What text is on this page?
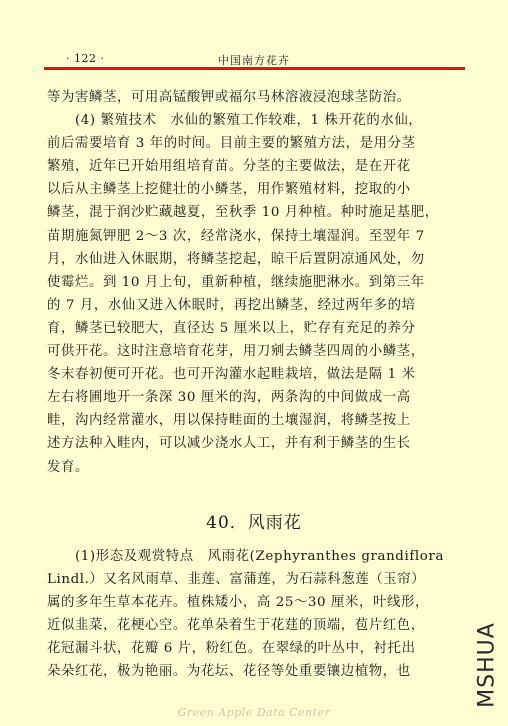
· 122 ·	中国南方花卉
等为害鳞茎，可用高锰酸钾或福尔马林溶液浸泡球茎防治。
　　(4) 繁殖技术　水仙的繁殖工作较难，1 株开花的水仙，
前后需要培育 3 年的时间。目前主要的繁殖方法，是用分茎
繁殖，近年已开始用组培育苗。分茎的主要做法，是在开花
以后从主鳞茎上挖健壮的小鳞茎，用作繁殖材料，挖取的小
鳞茎，混于润沙贮藏越夏，至秋季 10 月种植。种时施足基肥，
苗期施氮钾肥 2～3 次，经常浇水，保持土壤湿润。至翌年 7
月，水仙进入休眠期，将鳞茎挖起，晾干后置阴凉通风处，勿
使霉烂。到 10 月上旬，重新种植，继续施肥淋水。到第三年
的 7 月，水仙又进入休眠时，再挖出鳞茎，经过两年多的培
育，鳞茎已较肥大，直径达 5 厘米以上，贮存有充足的养分
可供开花。这时注意培育花芽，用刀剜去鳞茎四周的小鳞茎，
冬末春初便可开花。也可开沟灌水起畦栽培，做法是隔 1 米
左右将圃地开一条深 30 厘米的沟，两条沟的中间做成一高
畦，沟内经常灌水，用以保持畦面的土壤湿润，将鳞茎按上
述方法种入畦内，可以减少浇水人工，并有利于鳞茎的生长
发育。
40．风雨花
　　(1)形态及观赏特点　风雨花(Zephyranthes grandiflora
Lindl.）又名风雨草、韭莲、富蒲莲，为石蒜科葱莲（玉帘）
属的多年生草本花卉。植株矮小，高 25～30 厘米，叶线形，
近似韭菜，花梗心空。花单朵着生于花莛的顶端，苞片红色，
花冠漏斗状，花瓣 6 片，粉红色。在翠绿的叶丛中，衬托出
朵朵红花，极为艳丽。为花坛、花径等处重要镶边植物，也
Green Apple Data Center
MSHUA
